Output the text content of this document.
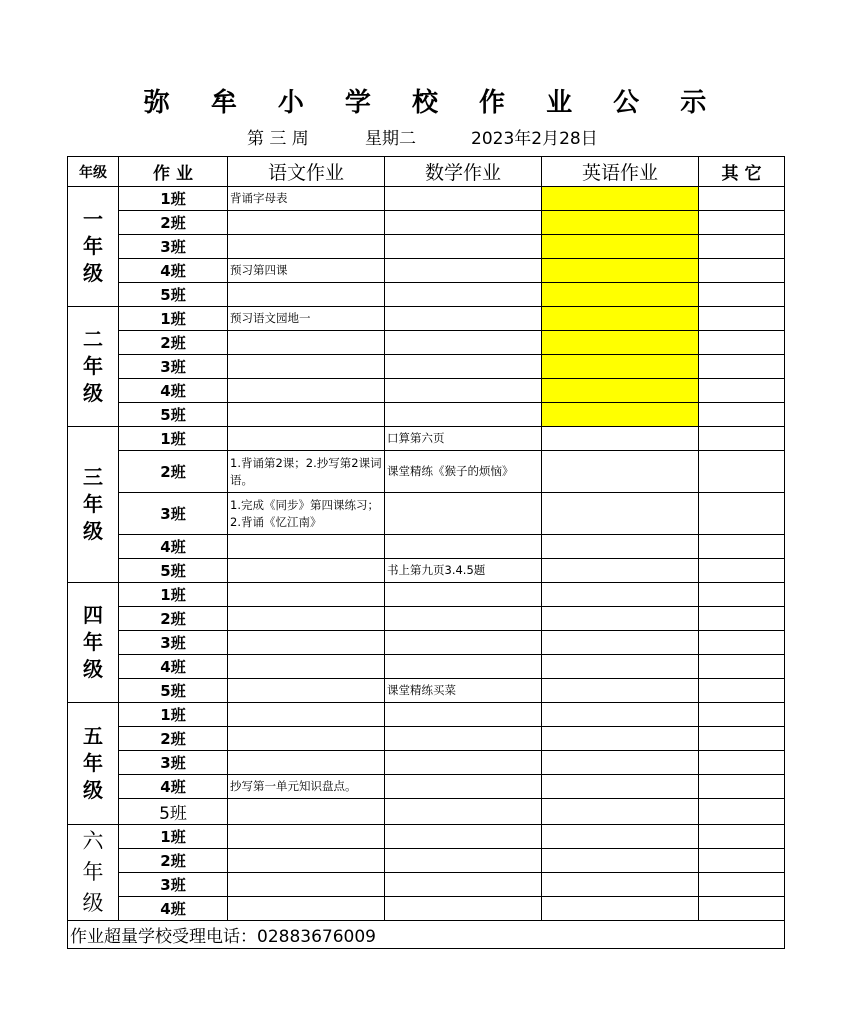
弥 牟 小 学 校 作 业 公 示
第 三 周	星期二	2023年2月28日
年级	作 业	语文作业	数学作业	英语作业	其 它
一
年
级	1班	背诵字母表			
	2班				
	3班				
	4班	预习第四课			
	5班				
二
年
级	1班	预习语文园地一			
	2班				
	3班				
	4班				
	5班				
三
年
级	1班		口算第六页		
	2班	1.背诵第2课；2.抄写第2课词语。	课堂精练《猴子的烦恼》		
	3班	1.完成《同步》第四课练习；2.背诵《忆江南》			
	4班				
	5班		书上第九页3.4.5题		
四
年
级	1班				
	2班				
	3班				
	4班				
	5班		课堂精练买菜		
五
年
级	1班				
	2班				
	3班				
	4班	抄写第一单元知识盘点。			
	5班				
六
年
级	1班				
	2班				
	3班				
	4班				
作业超量学校受理电话：02883676009					
